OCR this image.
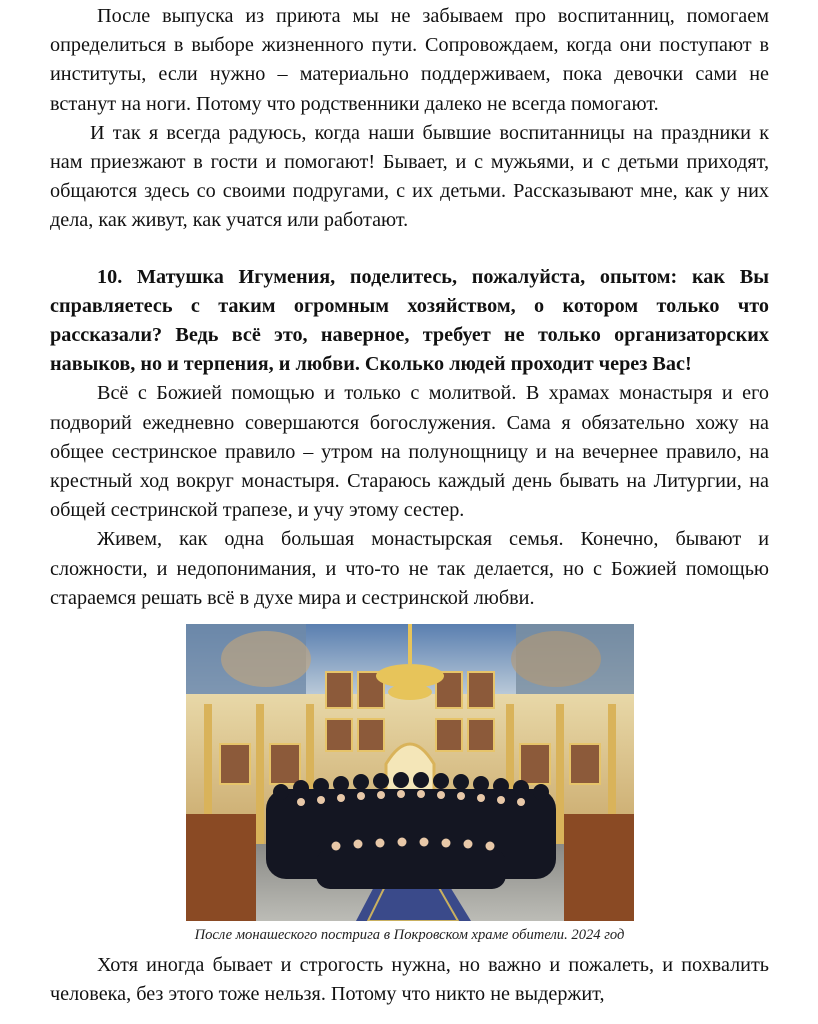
После выпуска из приюта мы не забываем про воспитанниц, помогаем определиться в выборе жизненного пути. Сопровождаем, когда они поступают в институты, если нужно – материально поддерживаем, пока девочки сами не встанут на ноги. Потому что родственники далеко не всегда помогают.

И так я всегда радуюсь, когда наши бывшие воспитанницы на праздники к нам приезжают в гости и помогают! Бывает, и с мужьями, и с детьми приходят, общаются здесь со своими подругами, с их детьми. Рассказывают мне, как у них дела, как живут, как учатся или работают.

10. Матушка Игумения, поделитесь, пожалуйста, опытом: как Вы справляетесь с таким огромным хозяйством, о котором только что рассказали? Ведь всё это, наверное, требует не только организаторских навыков, но и терпения, и любви. Сколько людей проходит через Вас!

Всё с Божией помощью и только с молитвой. В храмах монастыря и его подворий ежедневно совершаются богослужения. Сама я обязательно хожу на общее сестринское правило – утром на полунощницу и на вечернее правило, на крестный ход вокруг монастыря. Стараюсь каждый день бывать на Литургии, на общей сестринской трапезе, и учу этому сестер.

Живем, как одна большая монастырская семья. Конечно, бывают и сложности, и недопонимания, и что-то не так делается, но с Божией помощью стараемся решать всё в духе мира и сестринской любви.

После монашеского пострига в Покровском храме обители. 2024 год

Хотя иногда бывает и строгость нужна, но важно и пожалеть, и похвалить человека, без этого тоже нельзя. Потому что никто не выдержит,
